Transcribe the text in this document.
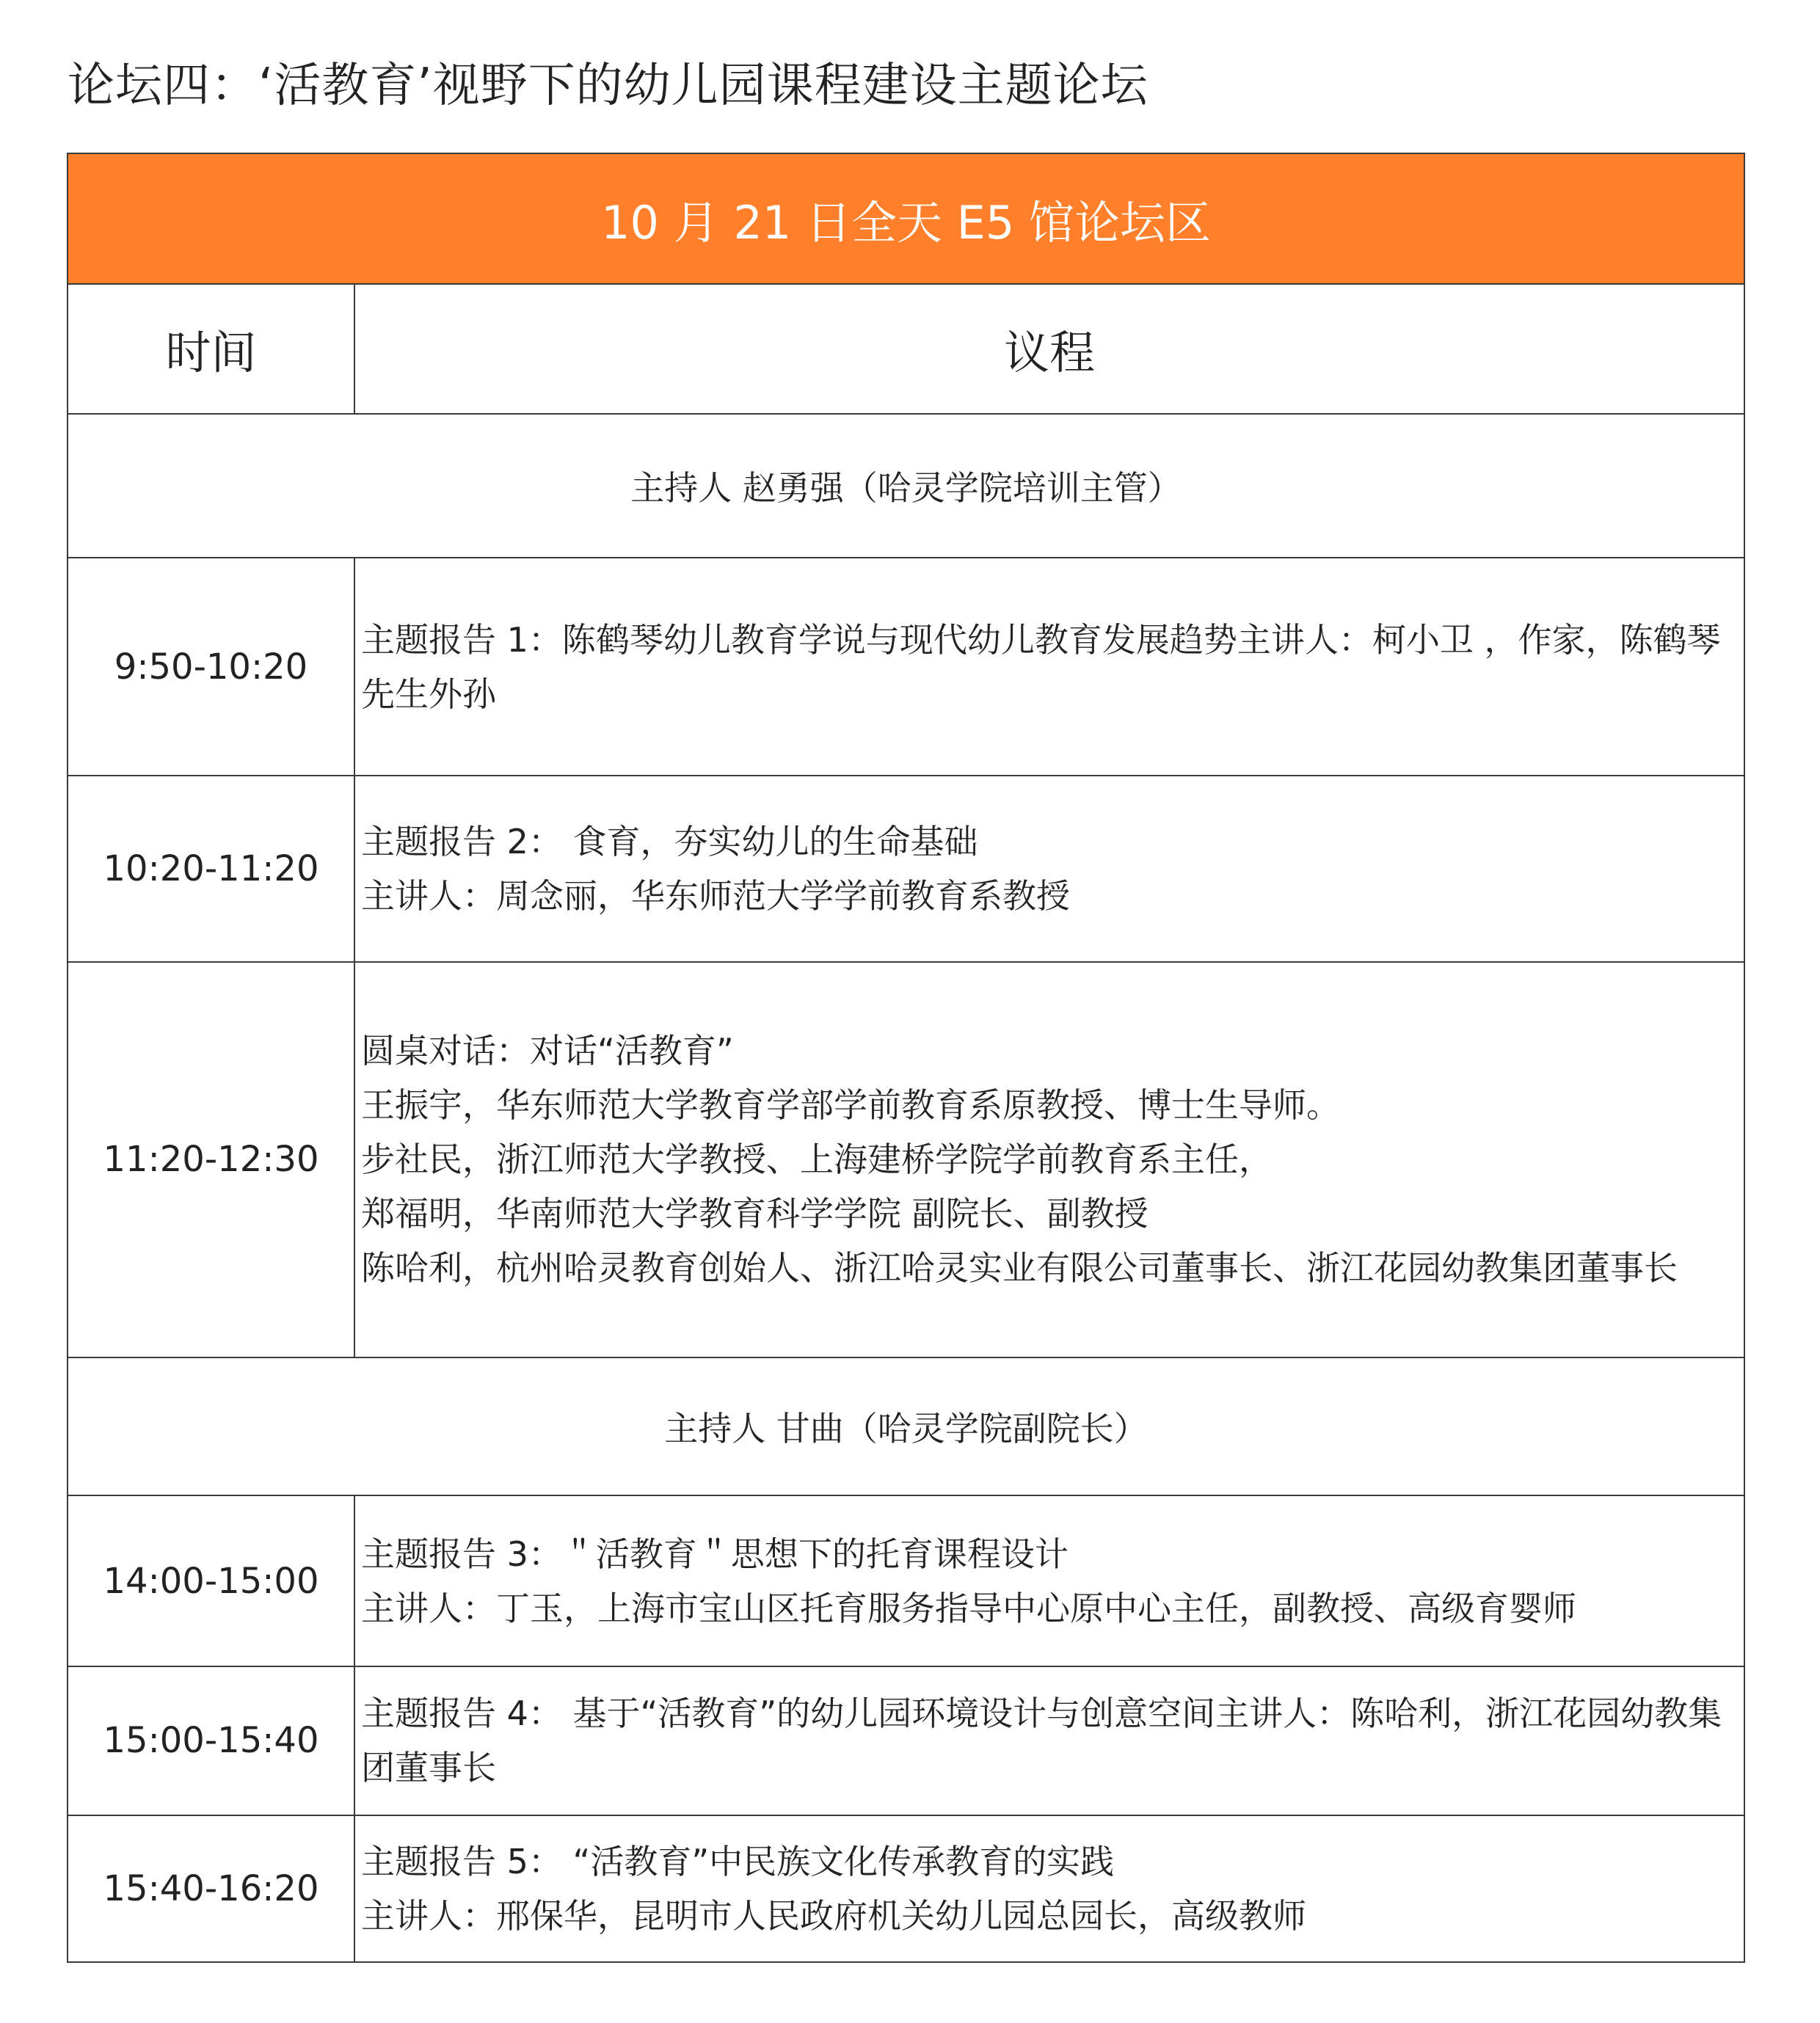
论坛四：‘活教育’视野下的幼儿园课程建设主题论坛
10 月 21 日全天 E5 馆论坛区	
时间	议程
主持人 赵勇强（哈灵学院培训主管）	
9:50-10:20	主题报告 1：陈鹤琴幼儿教育学说与现代幼儿教育发展趋势主讲人：柯小卫 ，作家，陈鹤琴先生外孙

10:20-11:20	主题报告 2： 食育，夯实幼儿的生命基础
主讲人：周念丽，华东师范大学学前教育系教授

11:20-12:30	圆桌对话：对话“活教育”
王振宇，华东师范大学教育学部学前教育系原教授、博士生导师。
步社民，浙江师范大学教授、上海建桥学院学前教育系主任，
郑福明，华南师范大学教育科学学院 副院长、副教授
陈哈利，杭州哈灵教育创始人、浙江哈灵实业有限公司董事长、浙江花园幼教集团董事长

主持人 甘曲（哈灵学院副院长）	
14:00-15:00	主题报告 3：＂活教育＂思想下的托育课程设计
主讲人：丁玉，上海市宝山区托育服务指导中心原中心主任，副教授、高级育婴师

15:00-15:40	主题报告 4： 基于“活教育”的幼儿园环境设计与创意空间主讲人：陈哈利，浙江花园幼教集团董事长

15:40-16:20	主题报告 5： “活教育”中民族文化传承教育的实践
主讲人：邢保华，昆明市人民政府机关幼儿园总园长，高级教师
